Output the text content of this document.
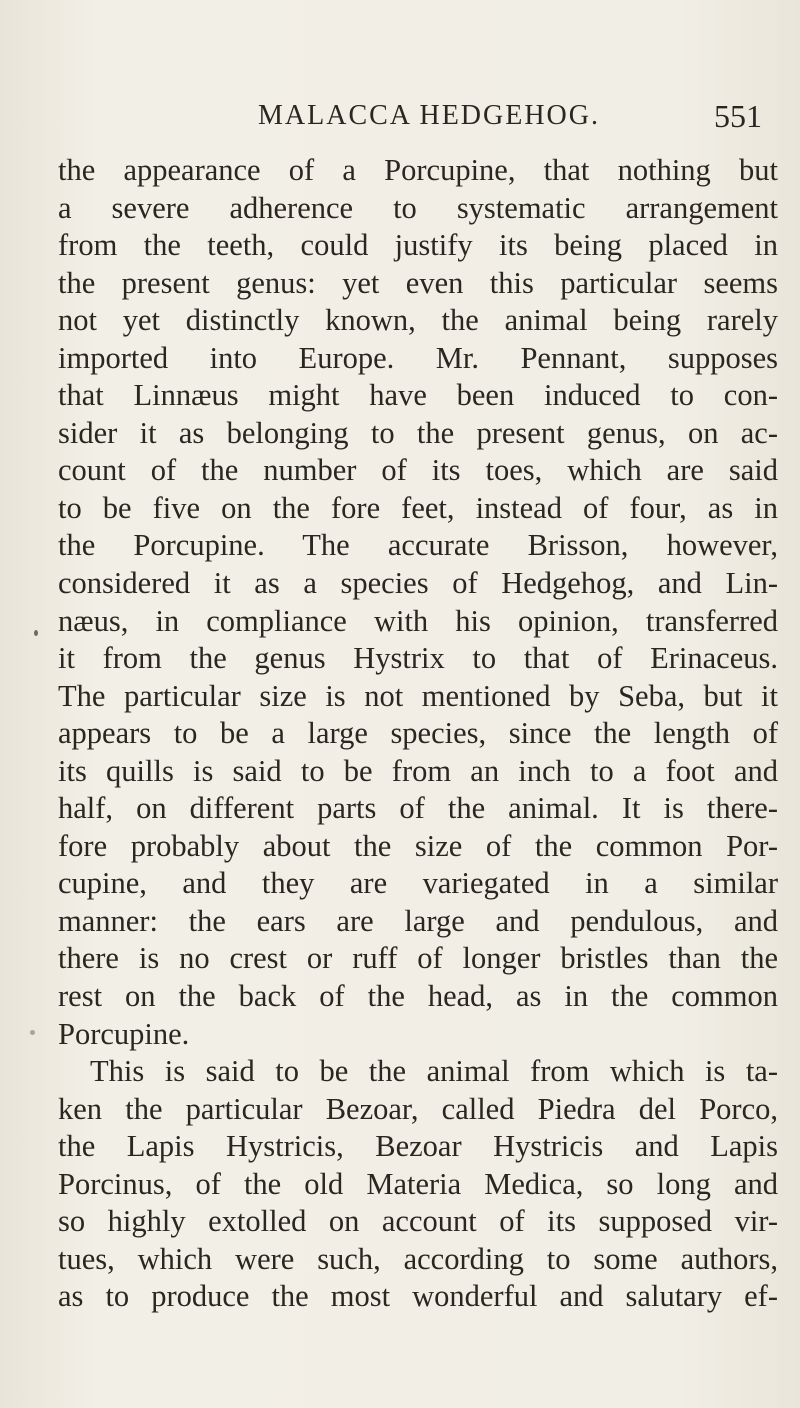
MALACCA HEDGEHOG.	551
the appearance of a Porcupine, that nothing but
a severe adherence to systematic arrangement
from the teeth, could justify its being placed in
the present genus: yet even this particular seems
not yet distinctly known, the animal being rarely
imported into Europe. Mr. Pennant, supposes
that Linnæus might have been induced to con-
sider it as belonging to the present genus, on ac-
count of the number of its toes, which are said
to be five on the fore feet, instead of four, as in
the Porcupine. The accurate Brisson, however,
considered it as a species of Hedgehog, and Lin-
næus, in compliance with his opinion, transferred
it from the genus Hystrix to that of Erinaceus.
The particular size is not mentioned by Seba, but it
appears to be a large species, since the length of
its quills is said to be from an inch to a foot and
half, on different parts of the animal. It is there-
fore probably about the size of the common Por-
cupine, and they are variegated in a similar
manner: the ears are large and pendulous, and
there is no crest or ruff of longer bristles than the
rest on the back of the head, as in the common
Porcupine.
This is said to be the animal from which is ta-
ken the particular Bezoar, called Piedra del Porco,
the Lapis Hystricis, Bezoar Hystricis and Lapis
Porcinus, of the old Materia Medica, so long and
so highly extolled on account of its supposed vir-
tues, which were such, according to some authors,
as to produce the most wonderful and salutary ef-
